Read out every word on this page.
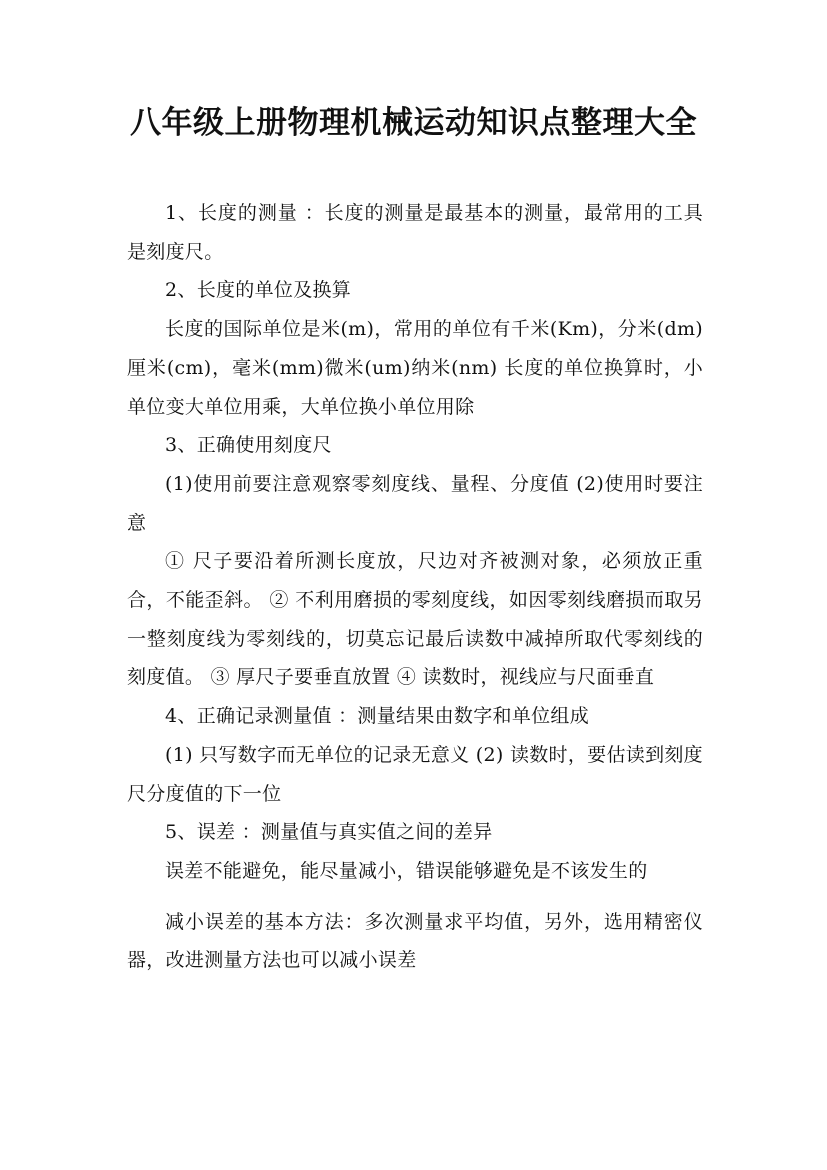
八年级上册物理机械运动知识点整理大全

1、长度的测量 ：长度的测量是最基本的测量，最常用的工具是刻度尺。

2、长度的单位及换算

长度的国际单位是米(m)，常用的单位有千米(Km)，分米(dm)厘米(cm)，毫米(mm)微米(um)纳米(nm) 长度的单位换算时，小单位变大单位用乘，大单位换小单位用除

3、正确使用刻度尺

(1)使用前要注意观察零刻度线、量程、分度值 (2)使用时要注意

① 尺子要沿着所测长度放，尺边对齐被测对象，必须放正重合，不能歪斜。 ② 不利用磨损的零刻度线，如因零刻线磨损而取另一整刻度线为零刻线的，切莫忘记最后读数中减掉所取代零刻线的刻度值。 ③ 厚尺子要垂直放置 ④ 读数时，视线应与尺面垂直

4、正确记录测量值 ：测量结果由数字和单位组成

(1) 只写数字而无单位的记录无意义 (2) 读数时，要估读到刻度尺分度值的下一位

5、误差 ：测量值与真实值之间的差异

误差不能避免，能尽量减小，错误能够避免是不该发生的

减小误差的基本方法：多次测量求平均值，另外，选用精密仪器，改进测量方法也可以减小误差
